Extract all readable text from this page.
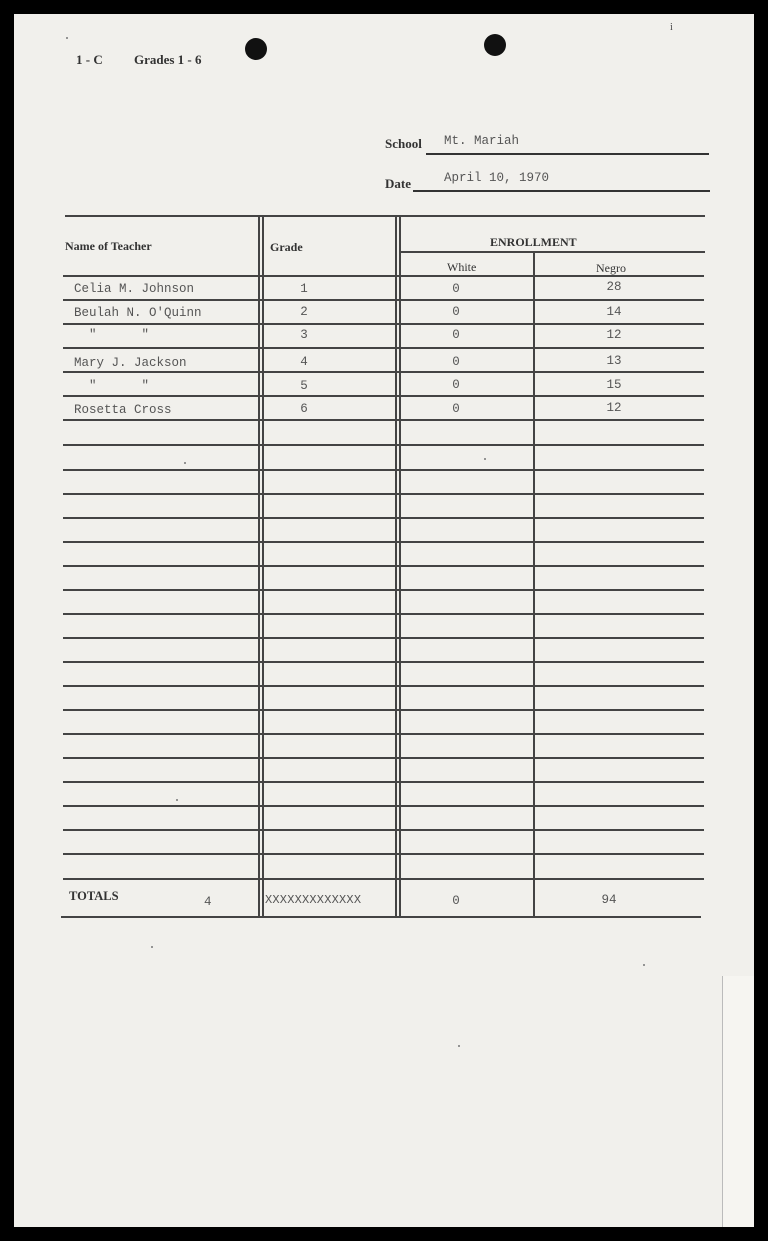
i
1 - C Grades 1 - 6
School Mt. Mariah
Date	April 10, 1970
Name of Teacher	Grade	ENROLLMENT
White	Negro
Celia M. Johnson	1	0	28
Beulah N. O'Quinn	2	0	14
"      "	3	0	12
Mary J. Jackson	4	0	13
"      "	5	0	15
Rosetta Cross	6	0	12
TOTALS	4	XXXXXXXXXXXXX	0	94
